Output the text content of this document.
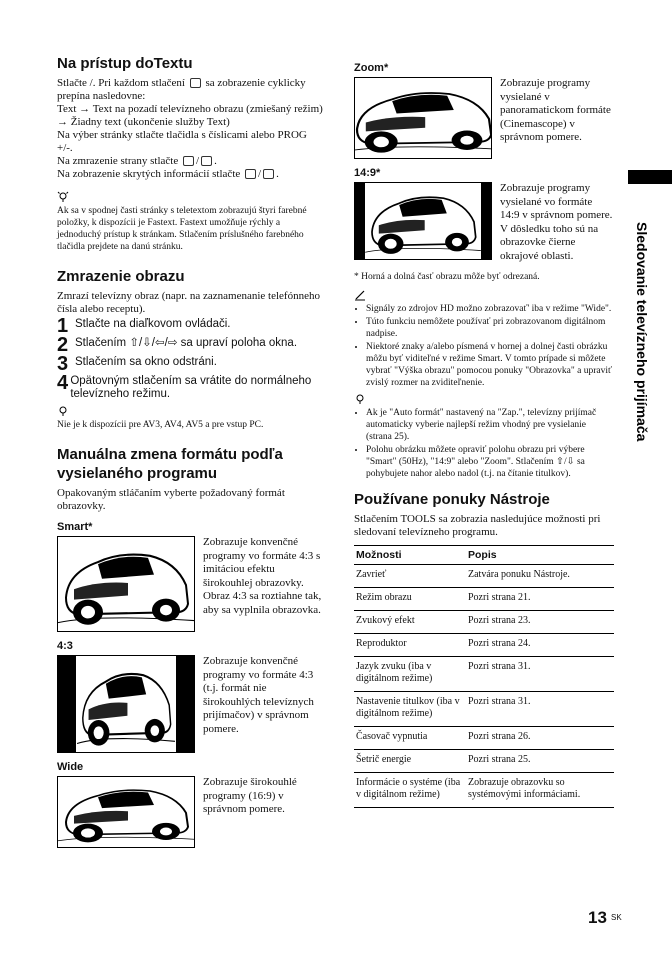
Na prístup doTextu

Stlačte /. Pri každom stlačení sa zobrazenie cyklicky prepína nasledovne:
Text → Text na pozadí televízneho obrazu (zmiešaný režim) → Žiadny text (ukončenie služby Text)
Na výber stránky stlačte tlačidla s číslicami alebo PROG +/-.
Na zmrazenie strany stlačte / .
Na zobrazenie skrytých informácií stlačte / .

Ak sa v spodnej časti stránky s teletextom zobrazujú štyri farebné položky, k dispozícii je Fastext. Fastext umožňuje rýchly a jednoduchý prístup k stránkam. Stlačením príslušného farebného tlačidla prejdete na danú stránku.

Zmrazenie obrazu

Zmrazí televízny obraz (napr. na zaznamenanie telefónneho čísla alebo receptu).

1 Stlačte na diaľkovom ovládači.
2 Stlačením ⇧/⇩/⇦/⇨ sa upraví poloha okna.
3 Stlačením sa okno odstráni.
4 Opätovným stlačením sa vrátite do normálneho televízneho režimu.

Nie je k dispozícii pre AV3, AV4, AV5 a pre vstup PC.

Manuálna zmena formátu podľa vysielaného programu

Opakovaným stláčaním vyberte požadovaný formát obrazovky.

Smart*
Zobrazuje konvenčné programy vo formáte 4:3 s imitáciou efektu širokouhlej obrazovky. Obraz 4:3 sa roztiahne tak, aby sa vyplnila obrazovka.
4:3
Zobrazuje konvenčné programy vo formáte 4:3 (t.j. formát nie širokouhlých televíznych prijímačov) v správnom pomere.
Wide
Zobrazuje širokouhlé programy (16:9) v správnom pomere.
Zoom*
Zobrazuje programy vysielané v panoramatickom formáte (Cinemascope) v správnom pomere.
14:9*
Zobrazuje programy vysielané vo formáte 14:9 v správnom pomere. V dôsledku toho sú na obrazovke čierne okrajové oblasti.

* Horná a dolná časť obrazu môže byť odrezaná.

• Signály zo zdrojov HD možno zobrazovať' iba v režime "Wide".
• Túto funkciu nemôžete používať pri zobrazovanom digitálnom nadpise.
• Niektoré znaky a/alebo písmená v hornej a dolnej časti obrázku môžu byť viditeľné v režime Smart. V tomto prípade si môžete vybrať "Výška obrazu" pomocou ponuky "Obrazovka" a upraviť zvislý rozmer na zviditeľnenie.
• Ak je "Auto formát" nastavený na "Zap.", televízny prijímač automaticky vyberie najlepší režim vhodný pre vysielanie (strana 25).
• Polohu obrázku môžete opraviť polohu obrazu pri výbere "Smart" (50Hz), "14:9" alebo "Zoom". Stlačením ⇧/⇩ sa pohybujete nahor alebo nadol (t.j. na čítanie titulkov).
Používane ponuky Nástroje

Stlačením TOOLS sa zobrazia nasledujúce možnosti pri sledovaní televízneho programu.

Možnosti	Popis
Zavrieť	Zatvára ponuku Nástroje.
Režim obrazu	Pozri strana 21.
Zvukový efekt	Pozri strana 23.
Reproduktor	Pozri strana 24.
Jazyk zvuku (iba v digitálnom režime)	Pozri strana 31.
Nastavenie titulkov (iba v digitálnom režime)	Pozri strana 31.
Časovač vypnutia	Pozri strana 26.
Šetrič energie	Pozri strana 25.
Informácie o systéme (iba v digitálnom režime)	Zobrazuje obrazovku so systémovými informáciami.
Sledovanie televízneho prijímača
13 SK
